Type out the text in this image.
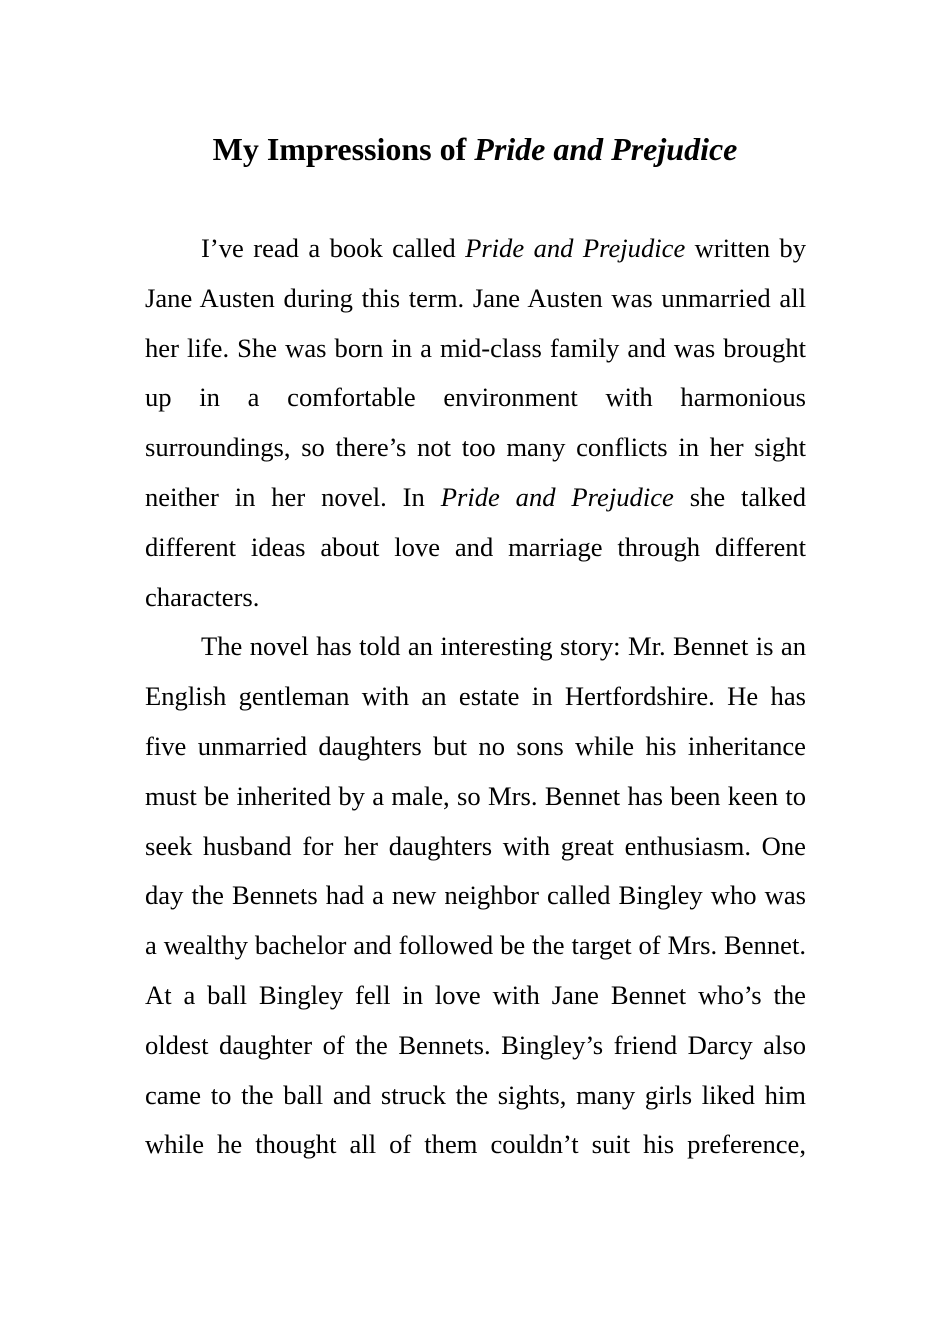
My Impressions of Pride and Prejudice

I’ve read a book called Pride and Prejudice written by Jane Austen during this term. Jane Austen was unmarried all her life. She was born in a mid-class family and was brought up in a comfortable environment with harmonious surroundings, so there’s not too many conflicts in her sight neither in her novel. In Pride and Prejudice she talked different ideas about love and marriage through different characters.

The novel has told an interesting story: Mr. Bennet is an English gentleman with an estate in Hertfordshire. He has five unmarried daughters but no sons while his inheritance must be inherited by a male, so Mrs. Bennet has been keen to seek husband for her daughters with great enthusiasm. One day the Bennets had a new neighbor called Bingley who was a wealthy bachelor and followed be the target of Mrs. Bennet. At a ball Bingley fell in love with Jane Bennet who’s the oldest daughter of the Bennets. Bingley’s friend Darcy also came to the ball and struck the sights, many girls liked him while he thought all of them couldn’t suit his preference,
